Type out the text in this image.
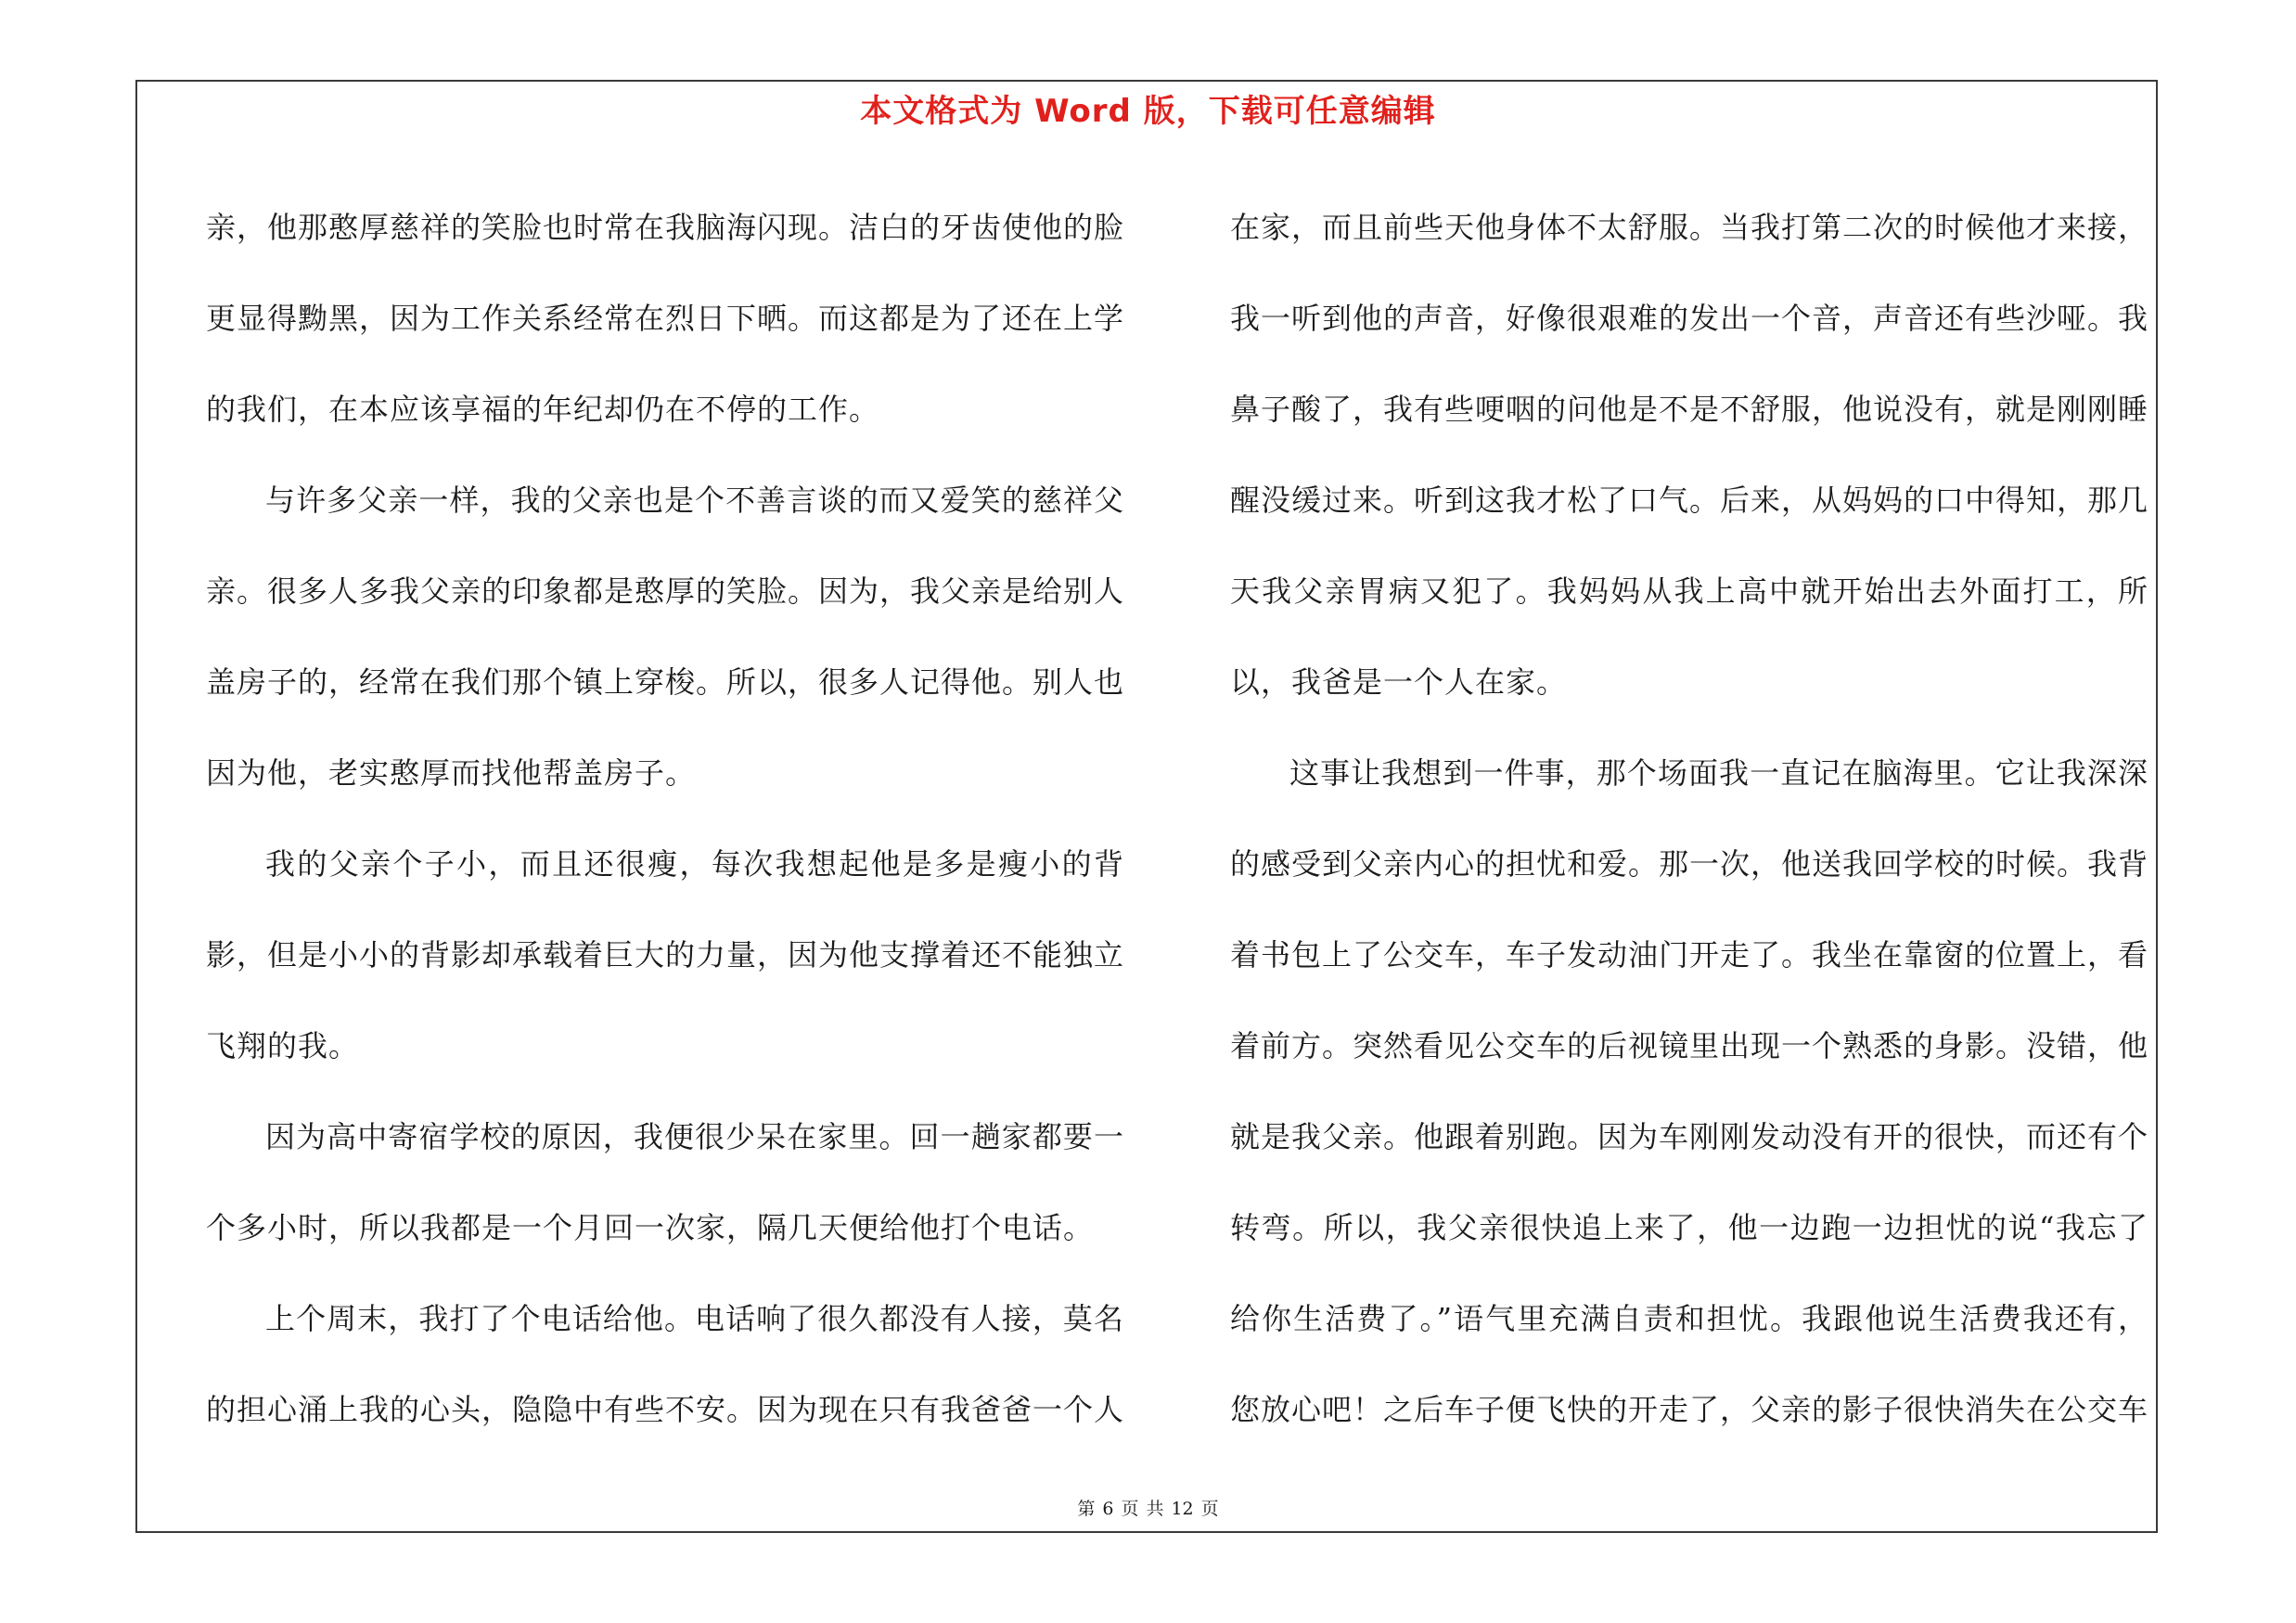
本文格式为 Word 版，下载可任意编辑

亲，他那憨厚慈祥的笑脸也时常在我脑海闪现。洁白的牙齿使他的脸更显得黝黑，因为工作关系经常在烈日下晒。而这都是为了还在上学的我们，在本应该享福的年纪却仍在不停的工作。

与许多父亲一样，我的父亲也是个不善言谈的而又爱笑的慈祥父亲。很多人多我父亲的印象都是憨厚的笑脸。因为，我父亲是给别人盖房子的，经常在我们那个镇上穿梭。所以，很多人记得他。别人也因为他，老实憨厚而找他帮盖房子。

我的父亲个子小，而且还很瘦，每次我想起他是多是瘦小的背影，但是小小的背影却承载着巨大的力量，因为他支撑着还不能独立飞翔的我。

因为高中寄宿学校的原因，我便很少呆在家里。回一趟家都要一个多小时，所以我都是一个月回一次家，隔几天便给他打个电话。

上个周末，我打了个电话给他。电话响了很久都没有人接，莫名的担心涌上我的心头，隐隐中有些不安。因为现在只有我爸爸一个人

在家，而且前些天他身体不太舒服。当我打第二次的时候他才来接，我一听到他的声音，好像很艰难的发出一个音，声音还有些沙哑。我鼻子酸了，我有些哽咽的问他是不是不舒服，他说没有，就是刚刚睡醒没缓过来。听到这我才松了口气。后来，从妈妈的口中得知，那几天我父亲胃病又犯了。我妈妈从我上高中就开始出去外面打工，所以，我爸是一个人在家。

这事让我想到一件事，那个场面我一直记在脑海里。它让我深深的感受到父亲内心的担忧和爱。那一次，他送我回学校的时候。我背着书包上了公交车，车子发动油门开走了。我坐在靠窗的位置上，看着前方。突然看见公交车的后视镜里出现一个熟悉的身影。没错，他就是我父亲。他跟着别跑。因为车刚刚发动没有开的很快，而还有个转弯。所以，我父亲很快追上来了，他一边跑一边担忧的说“我忘了给你生活费了。”语气里充满自责和担忧。我跟他说生活费我还有，您放心吧！之后车子便飞快的开走了，父亲的影子很快消失在公交车

第 6 页 共 12 页
